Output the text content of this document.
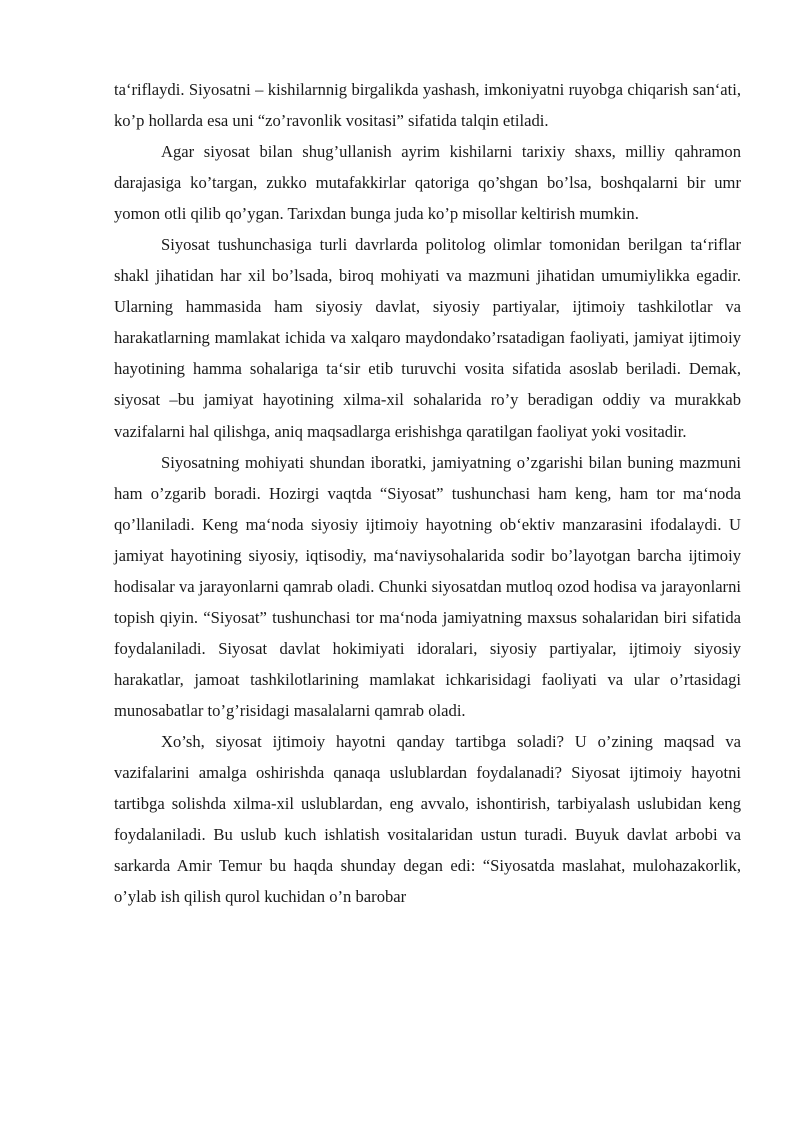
ta‘riflaydi. Siyosatni – kishilarnnig birgalikda yashash, imkoniyatni ruyobga chiqarish san‘ati, ko’p hollarda esa uni “zo’ravonlik vositasi” sifatida talqin etiladi.

Agar siyosat bilan shug’ullanish ayrim kishilarni tarixiy shaxs, milliy qahramon darajasiga ko’targan, zukko mutafakkirlar qatoriga qo’shgan bo’lsa, boshqalarni bir umr yomon otli qilib qo’ygan. Tarixdan bunga juda ko’p misollar keltirish mumkin.

Siyosat tushunchasiga turli davrlarda politolog olimlar tomonidan berilgan ta‘riflar shakl jihatidan har xil bo’lsada, biroq mohiyati va mazmuni jihatidan umumiylikka egadir. Ularning hammasida ham siyosiy davlat, siyosiy partiyalar, ijtimoiy tashkilotlar va harakatlarning mamlakat ichida va xalqaro maydondako’rsatadigan faoliyati, jamiyat ijtimoiy hayotining hamma sohalariga ta‘sir etib turuvchi vosita sifatida asoslab beriladi. Demak, siyosat –bu jamiyat hayotining xilma-xil sohalarida ro’y beradigan oddiy va murakkab vazifalarni hal qilishga, aniq maqsadlarga erishishga qaratilgan faoliyat yoki vositadir.

Siyosatning mohiyati shundan iboratki, jamiyatning o’zgarishi bilan buning mazmuni ham o’zgarib boradi. Hozirgi vaqtda “Siyosat” tushunchasi ham keng, ham tor ma‘noda qo’llaniladi. Keng ma‘noda siyosiy ijtimoiy hayotning ob‘ektiv manzarasini ifodalaydi. U jamiyat hayotining siyosiy, iqtisodiy, ma‘naviysohalarida sodir bo’layotgan barcha ijtimoiy hodisalar va jarayonlarni qamrab oladi. Chunki siyosatdan mutloq ozod hodisa va jarayonlarni topish qiyin. “Siyosat” tushunchasi tor ma‘noda jamiyatning maxsus sohalaridan biri sifatida foydalaniladi. Siyosat davlat hokimiyati idoralari, siyosiy partiyalar, ijtimoiy siyosiy harakatlar, jamoat tashkilotlarining mamlakat ichkarisidagi faoliyati va ular o’rtasidagi munosabatlar to’g’risidagi masalalarni qamrab oladi.

Xo’sh, siyosat ijtimoiy hayotni qanday tartibga soladi? U o’zining maqsad va vazifalarini amalga oshirishda qanaqa uslublardan foydalanadi? Siyosat ijtimoiy hayotni tartibga solishda xilma-xil uslublardan, eng avvalo, ishontirish, tarbiyalash uslubidan keng foydalaniladi. Bu uslub kuch ishlatish vositalaridan ustun turadi. Buyuk davlat arbobi va sarkarda Amir Temur bu haqda shunday degan edi: “Siyosatda maslahat, mulohazakorlik, o’ylab ish qilish qurol kuchidan o’n barobar
